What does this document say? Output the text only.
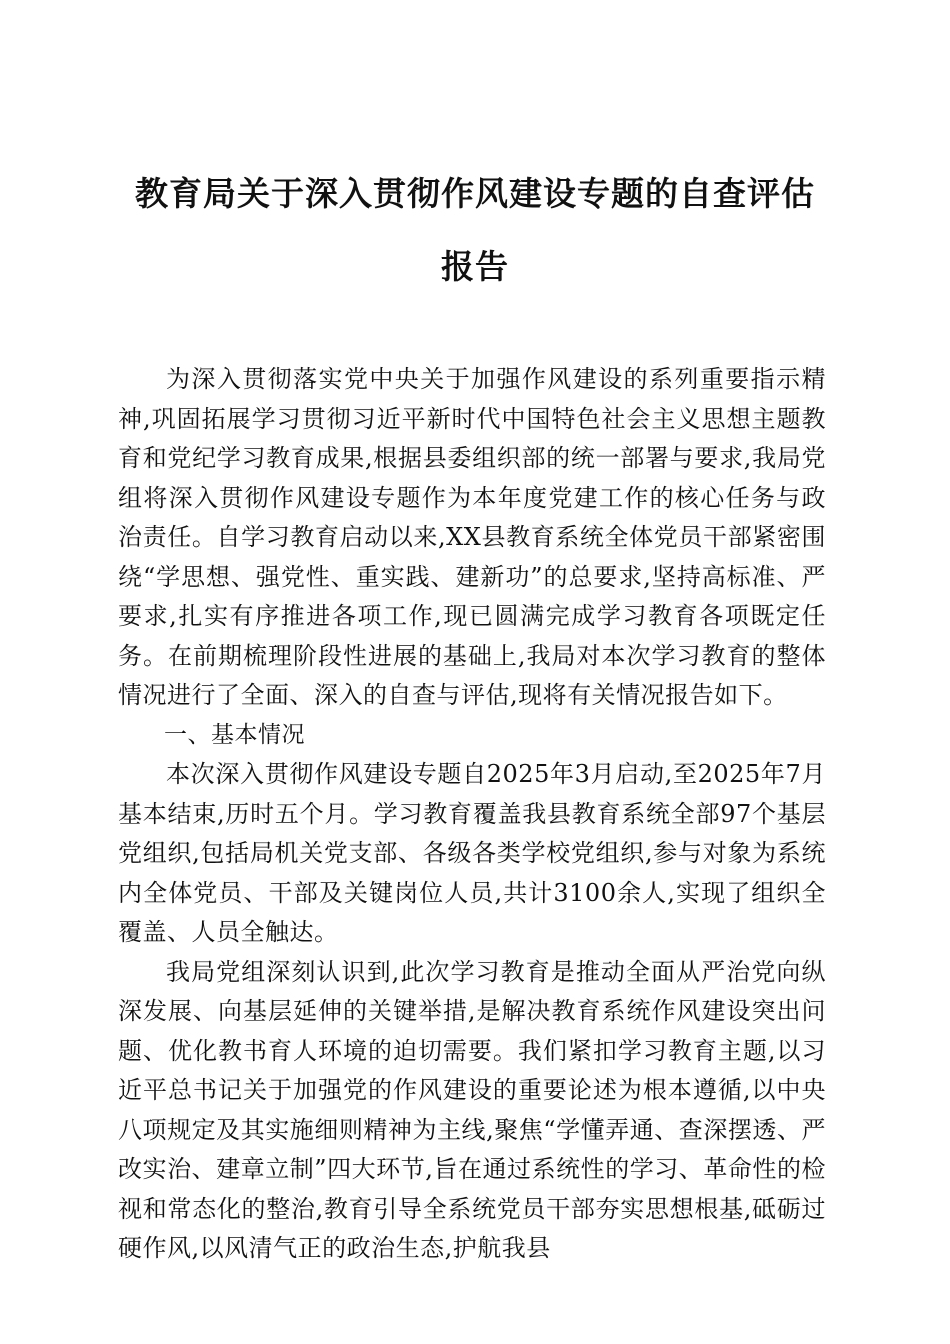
教育局关于深入贯彻作风建设专题的自查评估
报告

为深入贯彻落实党中央关于加强作风建设的系列重要指示精神,巩固拓展学习贯彻习近平新时代中国特色社会主义思想主题教育和党纪学习教育成果,根据县委组织部的统一部署与要求,我局党组将深入贯彻作风建设专题作为本年度党建工作的核心任务与政治责任。自学习教育启动以来,XX县教育系统全体党员干部紧密围绕“学思想、强党性、重实践、建新功”的总要求,坚持高标准、严要求,扎实有序推进各项工作,现已圆满完成学习教育各项既定任务。在前期梳理阶段性进展的基础上,我局对本次学习教育的整体情况进行了全面、深入的自查与评估,现将有关情况报告如下。

一、基本情况

本次深入贯彻作风建设专题自2025年3月启动,至2025年7月基本结束,历时五个月。学习教育覆盖我县教育系统全部97个基层党组织,包括局机关党支部、各级各类学校党组织,参与对象为系统内全体党员、干部及关键岗位人员,共计3100余人,实现了组织全覆盖、人员全触达。

我局党组深刻认识到,此次学习教育是推动全面从严治党向纵深发展、向基层延伸的关键举措,是解决教育系统作风建设突出问题、优化教书育人环境的迫切需要。我们紧扣学习教育主题,以习近平总书记关于加强党的作风建设的重要论述为根本遵循,以中央八项规定及其实施细则精神为主线,聚焦“学懂弄通、查深摆透、严改实治、建章立制”四大环节,旨在通过系统性的学习、革命性的检视和常态化的整治,教育引导全系统党员干部夯实思想根基,砥砺过硬作风,以风清气正的政治生态,护航我县
